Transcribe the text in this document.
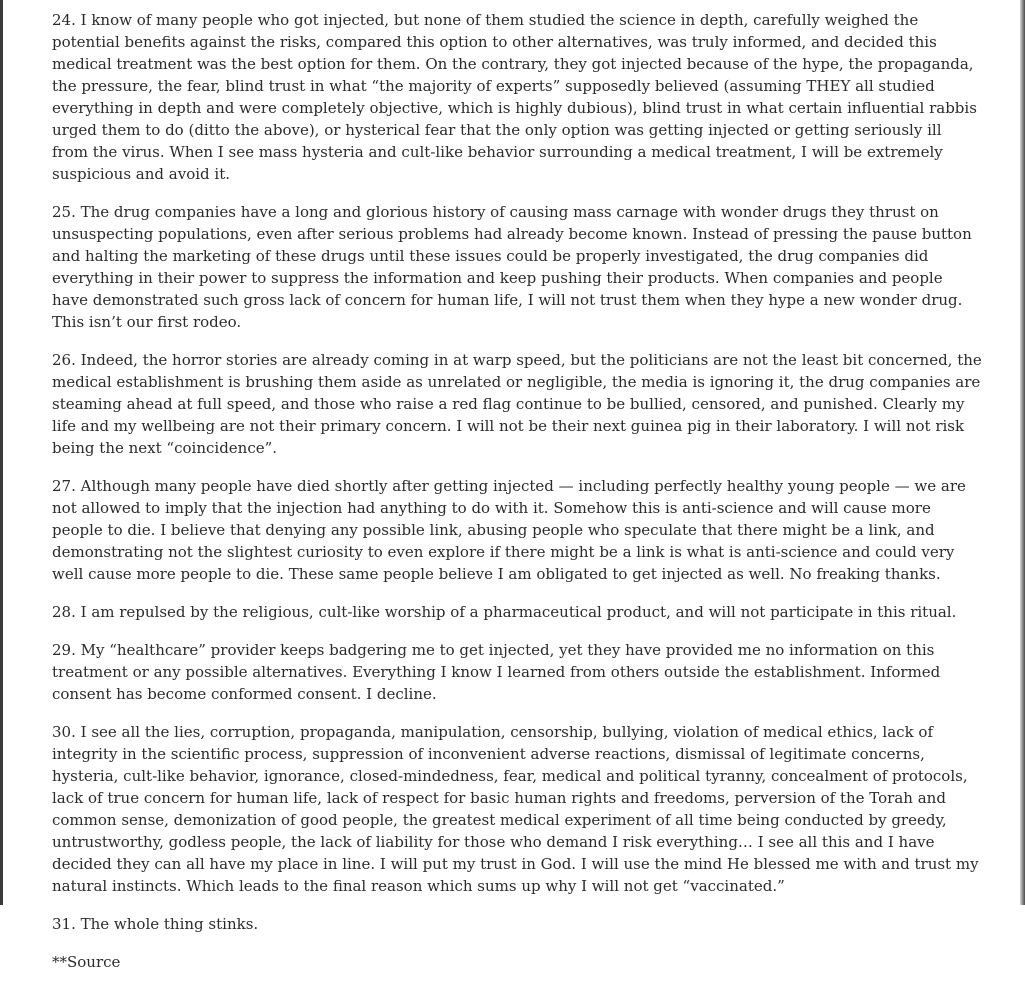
24. I know of many people who got injected, but none of them studied the science in depth, carefully weighed the potential benefits against the risks, compared this option to other alternatives, was truly informed, and decided this medical treatment was the best option for them. On the contrary, they got injected because of the hype, the propaganda, the pressure, the fear, blind trust in what “the majority of experts” supposedly believed (assuming THEY all studied everything in depth and were completely objective, which is highly dubious), blind trust in what certain influential rabbis urged them to do (ditto the above), or hysterical fear that the only option was getting injected or getting seriously ill from the virus. When I see mass hysteria and cult-like behavior surrounding a medical treatment, I will be extremely suspicious and avoid it.

25. The drug companies have a long and glorious history of causing mass carnage with wonder drugs they thrust on unsuspecting populations, even after serious problems had already become known. Instead of pressing the pause button and halting the marketing of these drugs until these issues could be properly investigated, the drug companies did everything in their power to suppress the information and keep pushing their products. When companies and people have demonstrated such gross lack of concern for human life, I will not trust them when they hype a new wonder drug. This isn’t our first rodeo.

26. Indeed, the horror stories are already coming in at warp speed, but the politicians are not the least bit concerned, the medical establishment is brushing them aside as unrelated or negligible, the media is ignoring it, the drug companies are steaming ahead at full speed, and those who raise a red flag continue to be bullied, censored, and punished. Clearly my life and my wellbeing are not their primary concern. I will not be their next guinea pig in their laboratory. I will not risk being the next “coincidence”.

27. Although many people have died shortly after getting injected — including perfectly healthy young people — we are not allowed to imply that the injection had anything to do with it. Somehow this is anti-science and will cause more people to die. I believe that denying any possible link, abusing people who speculate that there might be a link, and demonstrating not the slightest curiosity to even explore if there might be a link is what is anti-science and could very well cause more people to die. These same people believe I am obligated to get injected as well. No freaking thanks.

28. I am repulsed by the religious, cult-like worship of a pharmaceutical product, and will not participate in this ritual.

29. My “healthcare” provider keeps badgering me to get injected, yet they have provided me no information on this treatment or any possible alternatives. Everything I know I learned from others outside the establishment. Informed consent has become conformed consent. I decline.

30. I see all the lies, corruption, propaganda, manipulation, censorship, bullying, violation of medical ethics, lack of integrity in the scientific process, suppression of inconvenient adverse reactions, dismissal of legitimate concerns, hysteria, cult-like behavior, ignorance, closed-mindedness, fear, medical and political tyranny, concealment of protocols, lack of true concern for human life, lack of respect for basic human rights and freedoms, perversion of the Torah and common sense, demonization of good people, the greatest medical experiment of all time being conducted by greedy, untrustworthy, godless people, the lack of liability for those who demand I risk everything… I see all this and I have decided they can all have my place in line. I will put my trust in God. I will use the mind He blessed me with and trust my natural instincts. Which leads to the final reason which sums up why I will not get “vaccinated.”

31. The whole thing stinks.

**Source
